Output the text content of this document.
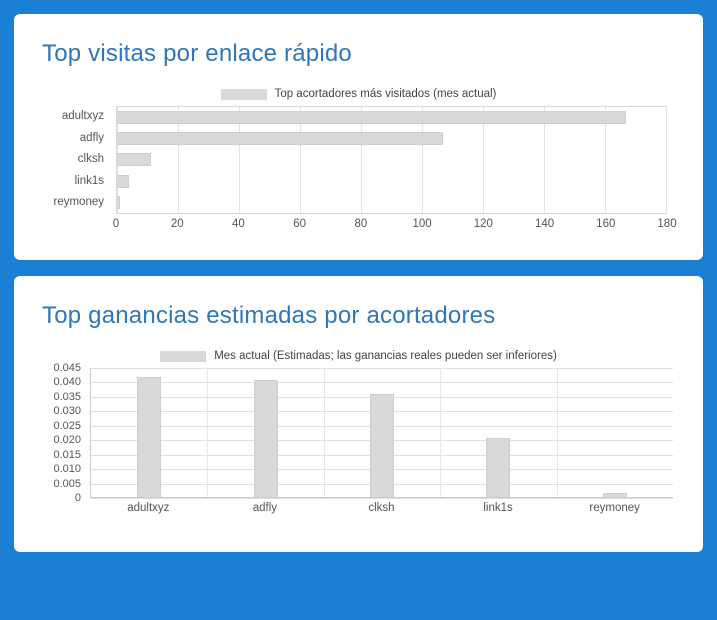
Top visitas por enlace rápido
Top acortadores más visitados (mes actual)
adultxyz
adfly
clksh
link1s
reymoney
0	20	40	60	80	100	120	140	160	180
Top ganancias estimadas por acortadores
Mes actual (Estimadas; las ganancias reales pueden ser inferiores)
0
0.005
0.010
0.015
0.020
0.025
0.030
0.035
0.040
0.045
adultxyz	adfly	clksh	link1s	reymoney
